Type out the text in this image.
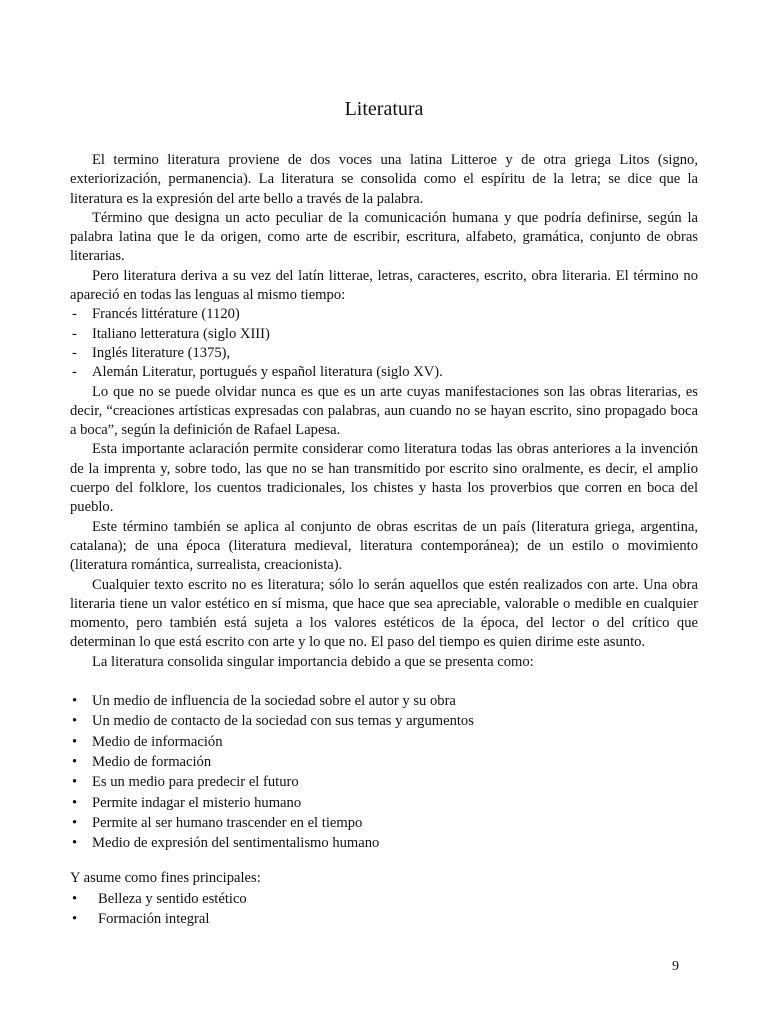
Literatura

El termino literatura proviene de dos voces una latina Litteroe y de otra griega Litos (signo, exteriorización, permanencia). La literatura se consolida como el espíritu de la letra; se dice que la literatura es la expresión del arte bello a través de la palabra.

Término que designa un acto peculiar de la comunicación humana y que podría definirse, según la palabra latina que le da origen, como arte de escribir, escritura, alfabeto, gramática, conjunto de obras literarias.

Pero literatura deriva a su vez del latín litterae, letras, caracteres, escrito, obra literaria. El término no apareció en todas las lenguas al mismo tiempo:

- Francés littérature (1120)
- Italiano letteratura (siglo XIII)
- Inglés literature (1375),
- Alemán Literatur, portugués y español literatura (siglo XV).

Lo que no se puede olvidar nunca es que es un arte cuyas manifestaciones son las obras literarias, es decir, “creaciones artísticas expresadas con palabras, aun cuando no se hayan escrito, sino propagado boca a boca”, según la definición de Rafael Lapesa.

Esta importante aclaración permite considerar como literatura todas las obras anteriores a la invención de la imprenta y, sobre todo, las que no se han transmitido por escrito sino oralmente, es decir, el amplio cuerpo del folklore, los cuentos tradicionales, los chistes y hasta los proverbios que corren en boca del pueblo.

Este término también se aplica al conjunto de obras escritas de un país (literatura griega, argentina, catalana); de una época (literatura medieval, literatura contemporánea); de un estilo o movimiento (literatura romántica, surrealista, creacionista).

Cualquier texto escrito no es literatura; sólo lo serán aquellos que estén realizados con arte. Una obra literaria tiene un valor estético en sí misma, que hace que sea apreciable, valorable o medible en cualquier momento, pero también está sujeta a los valores estéticos de la época, del lector o del crítico que determinan lo que está escrito con arte y lo que no. El paso del tiempo es quien dirime este asunto.

La literatura consolida singular importancia debido a que se presenta como:

• Un medio de influencia de la sociedad sobre el autor y su obra
• Un medio de contacto de la sociedad con sus temas y argumentos
• Medio de información
• Medio de formación
• Es un medio para predecir el futuro
• Permite indagar el misterio humano
• Permite al ser humano trascender en el tiempo
• Medio de expresión del sentimentalismo humano

Y asume como fines principales:

• Belleza y sentido estético
• Formación integral
9
